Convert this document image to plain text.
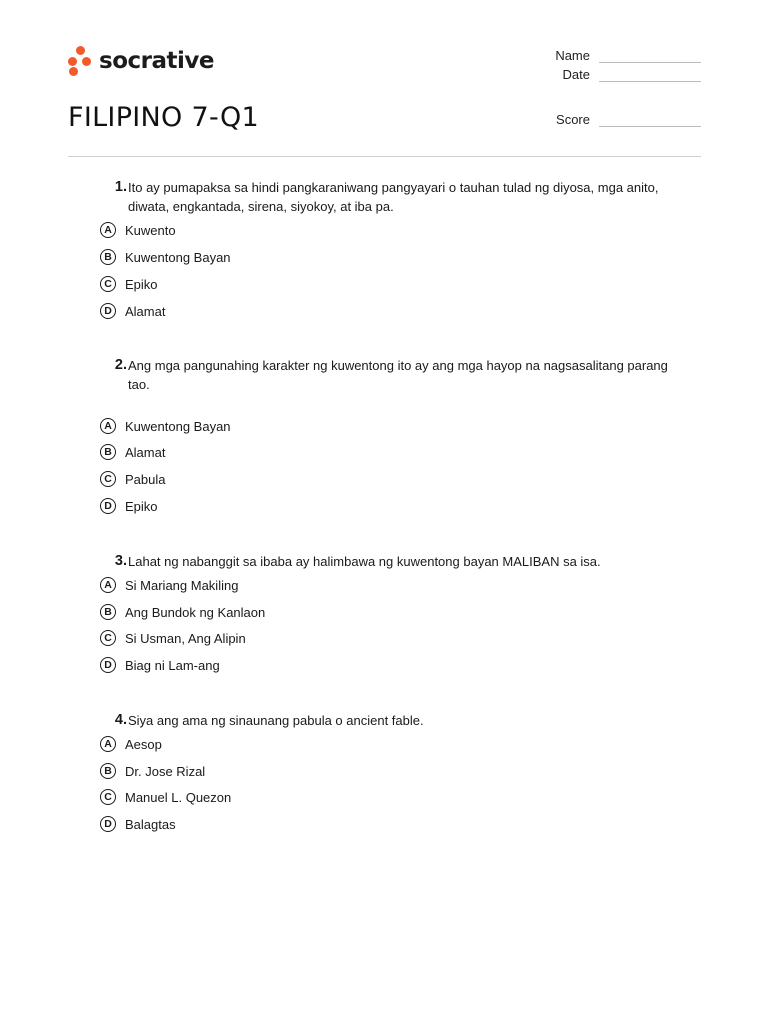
socrative	Name
Date
Score
FILIPINO 7-Q1
1. Ito ay pumapaksa sa hindi pangkaraniwang pangyayari o tauhan tulad ng diyosa, mga anito, diwata, engkantada, sirena, siyokoy, at iba pa.
A	Kuwento
B	Kuwentong Bayan
C	Epiko
D	Alamat
2. Ang mga pangunahing karakter ng kuwentong ito ay ang mga hayop na nagsasalitang parang tao.
A	Kuwentong Bayan
B	Alamat
C	Pabula
D	Epiko
3. Lahat ng nabanggit sa ibaba ay halimbawa ng kuwentong bayan MALIBAN sa isa.
A	Si Mariang Makiling
B	Ang Bundok ng Kanlaon
C	Si Usman, Ang Alipin
D	Biag ni Lam-ang
4. Siya ang ama ng sinaunang pabula o ancient fable.
A	Aesop
B	Dr. Jose Rizal
C	Manuel L. Quezon
D	Balagtas
